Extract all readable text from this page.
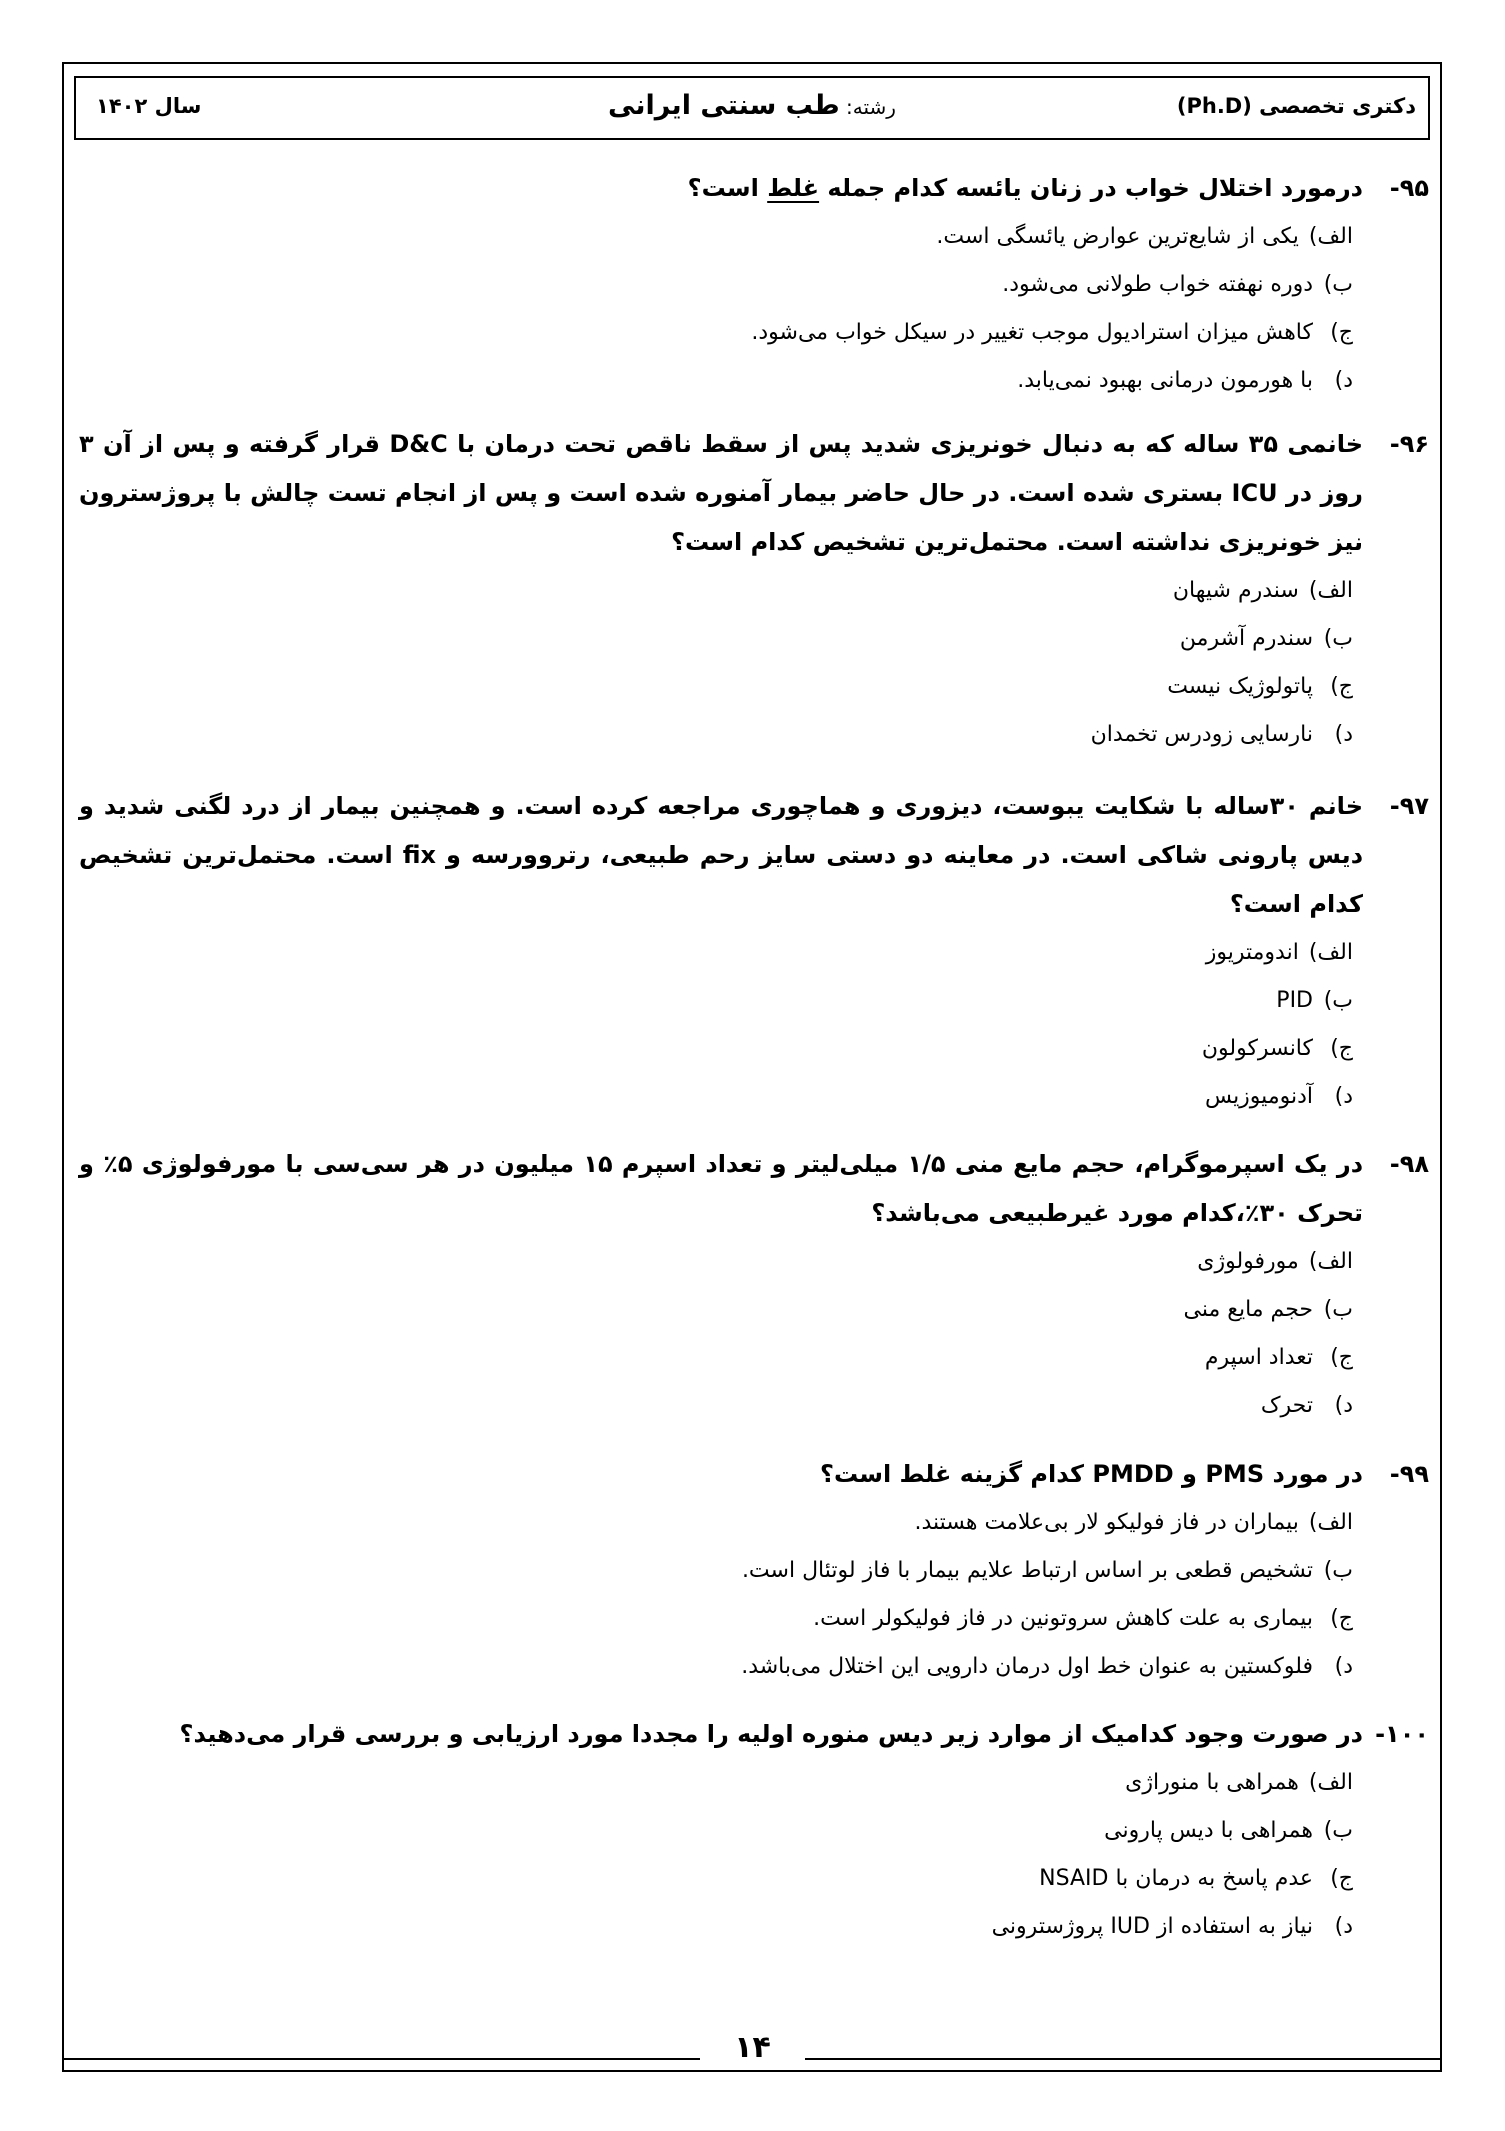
دکتری تخصصی (Ph.D)
رشته: طب سنتی ایرانی
سال ۱۴۰۲
۹۵-
درمورد اختلال خواب در زنان یائسه کدام جمله غلط است؟
الف)یکی از شایع‌ترین عوارض یائسگی است.
ب)دوره نهفته خواب طولانی می‌شود.
ج)کاهش میزان استرادیول موجب تغییر در سیکل خواب می‌شود.
د)با هورمون درمانی بهبود نمی‌یابد.
۹۶-
خانمی ۳۵ ساله که به دنبال خونریزی شدید پس از سقط ناقص تحت درمان با D&C قرار گرفته و پس از آن ۳ روز در ICU بستری شده است. در حال حاضر بیمار آمنوره شده است و پس از انجام تست چالش با پروژسترون نیز خونریزی نداشته است. محتمل‌ترین تشخیص کدام است؟
الف)سندرم شیهان
ب)سندرم آشرمن
ج)پاتولوژیک نیست
د)نارسایی زودرس تخمدان
۹۷-
خانم ۳۰ساله با شکایت یبوست، دیزوری و هماچوری مراجعه کرده است. و همچنین بیمار از درد لگنی شدید و دیس پارونی شاکی است. در معاینه دو دستی سایز رحم طبیعی، رتروورسه و fix است. محتمل‌ترین تشخیص کدام است؟
الف)اندومتریوز
ب)PID
ج)کانسرکولون
د)آدنومیوزیس
۹۸-
در یک اسپرموگرام، حجم مایع منی ۱/۵ میلی‌لیتر و تعداد اسپرم ۱۵ میلیون در هر سی‌سی با مورفولوژی ۵٪ و تحرک ۳۰٪،کدام مورد غیرطبیعی می‌باشد؟
الف)مورفولوژی
ب)حجم مایع منی
ج)تعداد اسپرم
د)تحرک
۹۹-
در مورد PMS و PMDD کدام گزینه غلط است؟
الف)بیماران در فاز فولیکو لار بی‌علامت هستند.
ب)تشخیص قطعی بر اساس ارتباط علایم بیمار با فاز لوتئال است.
ج)بیماری به علت کاهش سروتونین در فاز فولیکولر است.
د)فلوکستین به عنوان خط اول درمان دارویی این اختلال می‌باشد.
۱۰۰-
در صورت وجود کدامیک از موارد زیر دیس منوره اولیه را مجددا مورد ارزیابی و بررسی قرار می‌دهید؟
الف)همراهی با منوراژی
ب)همراهی با دیس پارونی
ج)عدم پاسخ به درمان با NSAID
د)نیاز به استفاده از IUD پروژسترونی
۱۴
